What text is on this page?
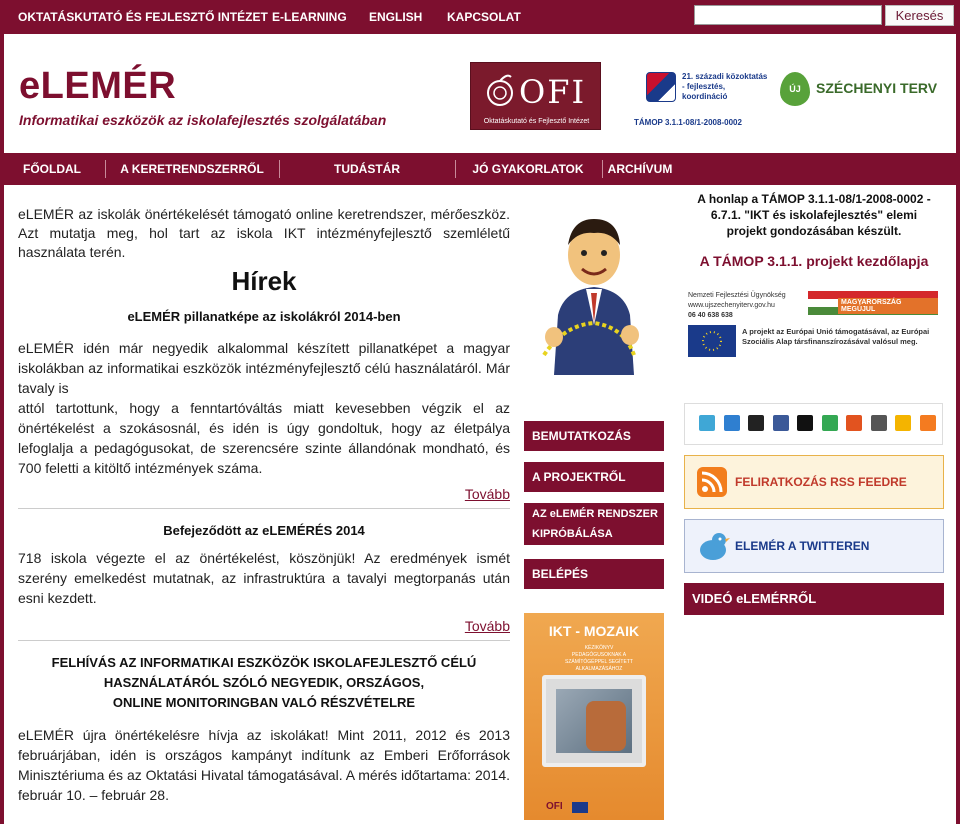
OKTATÁSKUTATÓ ÉS FEJLESZTŐ INTÉZET E-LEARNING ENGLISH KAPCSOLAT	Keresés
eLEMÉR
Informatikai eszközök az iskolafejlesztés szolgálatában
OFI
Oktatáskutató és Fejlesztő Intézet
21. századi közoktatás - fejlesztés, koordináció
TÁMOP 3.1.1-08/1-2008-0002
ÚJ	SZÉCHENYI TERV
FŐOLDAL	A KERETRENDSZERRŐL	TUDÁSTÁR	JÓ GYAKORLATOK	ARCHÍVUM

eLEMÉR az iskolák önértékelését támogató online keretrendszer, mérőeszköz. Azt mutatja meg, hol tart az iskola IKT intézményfejlesztő szemléletű használata terén.

Hírek
eLEMÉR pillanatképe az iskolákról 2014-ben

eLEMÉR idén már negyedik alkalommal készített pillanatképet a magyar iskolákban az informatikai eszközök intézményfejlesztő célú használatáról. Már tavaly is

attól tartottunk, hogy a fenntartóváltás miatt kevesebben végzik el az önértékelést a szokásosnál, és idén is úgy gondoltuk, hogy az életpálya lefoglalja a pedagógusokat, de szerencsére szinte állandónak mondható, és 700 feletti a kitöltő intézmények száma.

Tovább
Befejeződött az eLEMÉRÉS 2014

718 iskola végezte el az önértékelést, köszönjük! Az eredmények ismét szerény emelkedést mutatnak, az infrastruktúra a tavalyi megtorpanás után esni kezdett.

Tovább
FELHÍVÁS AZ INFORMATIKAI ESZKÖZÖK ISKOLAFEJLESZTŐ CÉLÚ
HASZNÁLATÁRÓL SZÓLÓ NEGYEDIK, ORSZÁGOS,
ONLINE MONITORINGBAN VALÓ RÉSZVÉTELRE

eLEMÉR újra önértékelésre hívja az iskolákat! Mint 2011, 2012 és 2013 februárjában, idén is országos kampányt indítunk az Emberi Erőforrások Minisztériuma és az Oktatási Hivatal támogatásával. A mérés időtartama: 2014. február 10. – február 28.

BEMUTATKOZÁS
A PROJEKTRŐL
AZ eLEMÉR RENDSZER KIPRÓBÁLÁSA
BELÉPÉS
IKT - MOZAIK
KÉZIKÖNYV PEDAGÓGUSOKNAK A SZÁMÍTÓGÉPPEL SEGÍTETT ALKALMAZÁSÁHOZ
OFI
A honlap a TÁMOP 3.1.1-08/1-2008-0002 - 6.7.1. "IKT és iskolafejlesztés" elemi projekt gondozásában készült.
A TÁMOP 3.1.1. projekt kezdőlapja
Nemzeti Fejlesztési Ügynökség
www.ujszechenyiterv.gov.hu
06 40 638 638
MAGYARORSZÁG MEGÚJUL
A projekt az Európai Unió támogatásával, az Európai Szociális Alap társfinanszírozásával valósul meg.
FELIRATKOZÁS RSS FEEDRE
ELEMÉR A TWITTEREN
VIDEÓ eLEMÉRRŐL
